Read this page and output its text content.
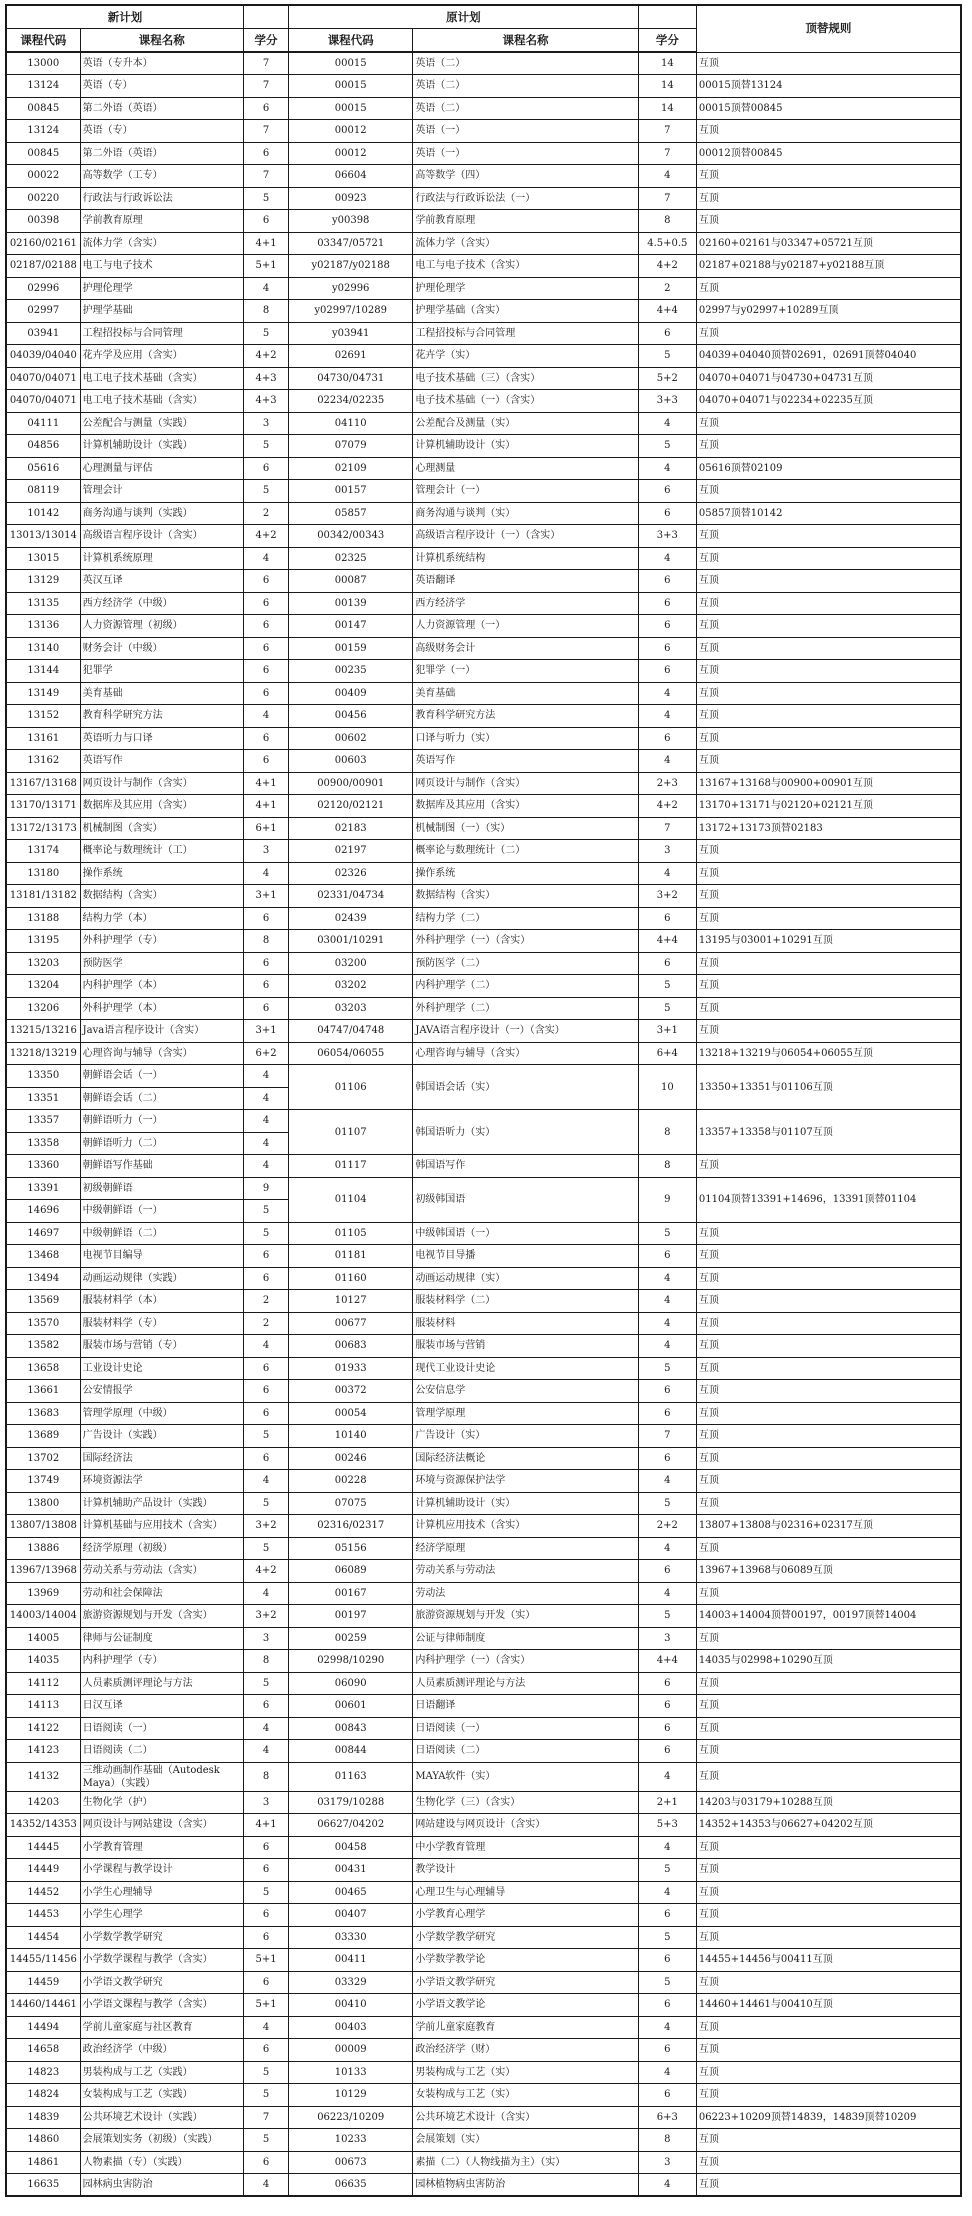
新计划			原计划			顶替规则
课程代码	课程名称	学分	课程代码	课程名称	学分	
13000	英语（专升本）	7	00015	英语（二）	14	互顶
13124	英语（专）	7	00015	英语（二）	14	00015顶替13124
00845	第二外语（英语）	6	00015	英语（二）	14	00015顶替00845
13124	英语（专）	7	00012	英语（一）	7	互顶
00845	第二外语（英语）	6	00012	英语（一）	7	00012顶替00845
00022	高等数学（工专）	7	06604	高等数学（四）	4	互顶
00220	行政法与行政诉讼法	5	00923	行政法与行政诉讼法（一）	7	互顶
00398	学前教育原理	6	y00398	学前教育原理	8	互顶
02160/02161	流体力学（含实）	4+1	03347/05721	流体力学（含实）	4.5+0.5	02160+02161与03347+05721互顶
02187/02188	电工与电子技术	5+1	y02187/y02188	电工与电子技术（含实）	4+2	02187+02188与y02187+y02188互顶
02996	护理伦理学	4	y02996	护理伦理学	2	互顶
02997	护理学基础	8	y02997/10289	护理学基础（含实）	4+4	02997与y02997+10289互顶
03941	工程招投标与合同管理	5	y03941	工程招投标与合同管理	6	互顶
04039/04040	花卉学及应用（含实）	4+2	02691	花卉学（实）	5	04039+04040顶替02691，02691顶替04040
04070/04071	电工电子技术基础（含实）	4+3	04730/04731	电子技术基础（三）（含实）	5+2	04070+04071与04730+04731互顶
04070/04071	电工电子技术基础（含实）	4+3	02234/02235	电子技术基础（一）（含实）	3+3	04070+04071与02234+02235互顶
04111	公差配合与测量（实践）	3	04110	公差配合及测量（实）	4	互顶
04856	计算机辅助设计（实践）	5	07079	计算机辅助设计（实）	5	互顶
05616	心理测量与评估	6	02109	心理测量	4	05616顶替02109
08119	管理会计	5	00157	管理会计（一）	6	互顶
10142	商务沟通与谈判（实践）	2	05857	商务沟通与谈判（实）	6	05857顶替10142
13013/13014	高级语言程序设计（含实）	4+2	00342/00343	高级语言程序设计（一）（含实）	3+3	互顶
13015	计算机系统原理	4	02325	计算机系统结构	4	互顶
13129	英汉互译	6	00087	英语翻译	6	互顶
13135	西方经济学（中级）	6	00139	西方经济学	6	互顶
13136	人力资源管理（初级）	6	00147	人力资源管理（一）	6	互顶
13140	财务会计（中级）	6	00159	高级财务会计	6	互顶
13144	犯罪学	6	00235	犯罪学（一）	6	互顶
13149	美育基础	6	00409	美育基础	4	互顶
13152	教育科学研究方法	4	00456	教育科学研究方法	4	互顶
13161	英语听力与口译	6	00602	口译与听力（实）	6	互顶
13162	英语写作	6	00603	英语写作	4	互顶
13167/13168	网页设计与制作（含实）	4+1	00900/00901	网页设计与制作（含实）	2+3	13167+13168与00900+00901互顶
13170/13171	数据库及其应用（含实）	4+1	02120/02121	数据库及其应用（含实）	4+2	13170+13171与02120+02121互顶
13172/13173	机械制图（含实）	6+1	02183	机械制图（一）（实）	7	13172+13173顶替02183
13174	概率论与数理统计（工）	3	02197	概率论与数理统计（二）	3	互顶
13180	操作系统	4	02326	操作系统	4	互顶
13181/13182	数据结构（含实）	3+1	02331/04734	数据结构（含实）	3+2	互顶
13188	结构力学（本）	6	02439	结构力学（二）	6	互顶
13195	外科护理学（专）	8	03001/10291	外科护理学（一）（含实）	4+4	13195与03001+10291互顶
13203	预防医学	6	03200	预防医学（二）	6	互顶
13204	内科护理学（本）	6	03202	内科护理学（二）	5	互顶
13206	外科护理学（本）	6	03203	外科护理学（二）	5	互顶
13215/13216	Java语言程序设计（含实）	3+1	04747/04748	JAVA语言程序设计（一）（含实）	3+1	互顶
13218/13219	心理咨询与辅导（含实）	6+2	06054/06055	心理咨询与辅导（含实）	6+4	13218+13219与06054+06055互顶
13350	朝鲜语会话（一）	4	01106	韩国语会话（实）	10	13350+13351与01106互顶
13351	朝鲜语会话（二）	4				
13357	朝鲜语听力（一）	4	01107	韩国语听力（实）	8	13357+13358与01107互顶
13358	朝鲜语听力（二）	4				
13360	朝鲜语写作基础	4	01117	韩国语写作	8	互顶
13391	初级朝鲜语	9	01104	初级韩国语	9	01104顶替13391+14696，13391顶替01104
14696	中级朝鲜语（一）	5				
14697	中级朝鲜语（二）	5	01105	中级韩国语（一）	5	互顶
13468	电视节目编导	6	01181	电视节目导播	6	互顶
13494	动画运动规律（实践）	6	01160	动画运动规律（实）	4	互顶
13569	服装材料学（本）	2	10127	服装材料学（二）	4	互顶
13570	服装材料学（专）	2	00677	服装材料	4	互顶
13582	服装市场与营销（专）	4	00683	服装市场与营销	4	互顶
13658	工业设计史论	6	01933	现代工业设计史论	5	互顶
13661	公安情报学	6	00372	公安信息学	6	互顶
13683	管理学原理（中级）	6	00054	管理学原理	6	互顶
13689	广告设计（实践）	5	10140	广告设计（实）	7	互顶
13702	国际经济法	6	00246	国际经济法概论	6	互顶
13749	环境资源法学	4	00228	环境与资源保护法学	4	互顶
13800	计算机辅助产品设计（实践）	5	07075	计算机辅助设计（实）	5	互顶
13807/13808	计算机基础与应用技术（含实）	3+2	02316/02317	计算机应用技术（含实）	2+2	13807+13808与02316+02317互顶
13886	经济学原理（初级）	5	05156	经济学原理	4	互顶
13967/13968	劳动关系与劳动法（含实）	4+2	06089	劳动关系与劳动法	6	13967+13968与06089互顶
13969	劳动和社会保障法	4	00167	劳动法	4	互顶
14003/14004	旅游资源规划与开发（含实）	3+2	00197	旅游资源规划与开发（实）	5	14003+14004顶替00197，00197顶替14004
14005	律师与公证制度	3	00259	公证与律师制度	3	互顶
14035	内科护理学（专）	8	02998/10290	内科护理学（一）（含实）	4+4	14035与02998+10290互顶
14112	人员素质测评理论与方法	5	06090	人员素质测评理论与方法	6	互顶
14113	日汉互译	6	00601	日语翻译	6	互顶
14122	日语阅读（一）	4	00843	日语阅读（一）	6	互顶
14123	日语阅读（二）	4	00844	日语阅读（二）	6	互顶
14132	三维动画制作基础（Autodesk Maya）（实践）	8	01163	MAYA软件（实）	4	互顶
14203	生物化学（护）	3	03179/10288	生物化学（三）（含实）	2+1	14203与03179+10288互顶
14352/14353	网页设计与网站建设（含实）	4+1	06627/04202	网站建设与网页设计（含实）	5+3	14352+14353与06627+04202互顶
14445	小学教育管理	6	00458	中小学教育管理	4	互顶
14449	小学课程与教学设计	6	00431	教学设计	5	互顶
14452	小学生心理辅导	5	00465	心理卫生与心理辅导	4	互顶
14453	小学生心理学	6	00407	小学教育心理学	6	互顶
14454	小学数学教学研究	6	03330	小学数学教学研究	5	互顶
14455/11456	小学数学课程与教学（含实）	5+1	00411	小学数学教学论	6	14455+14456与00411互顶
14459	小学语文教学研究	6	03329	小学语文教学研究	5	互顶
14460/14461	小学语文课程与教学（含实）	5+1	00410	小学语文教学论	6	14460+14461与00410互顶
14494	学前儿童家庭与社区教育	4	00403	学前儿童家庭教育	4	互顶
14658	政治经济学（中级）	6	00009	政治经济学（财）	6	互顶
14823	男装构成与工艺（实践）	5	10133	男装构成与工艺（实）	4	互顶
14824	女装构成与工艺（实践）	5	10129	女装构成与工艺（实）	6	互顶
14839	公共环境艺术设计（实践）	7	06223/10209	公共环境艺术设计（含实）	6+3	06223+10209顶替14839，14839顶替10209
14860	会展策划实务（初级）（实践）	5	10233	会展策划（实）	8	互顶
14861	人物素描（专）（实践）	6	00673	素描（二）（人物线描为主）（实）	3	互顶
16635	园林病虫害防治	4	06635	园林植物病虫害防治	4	互顶
